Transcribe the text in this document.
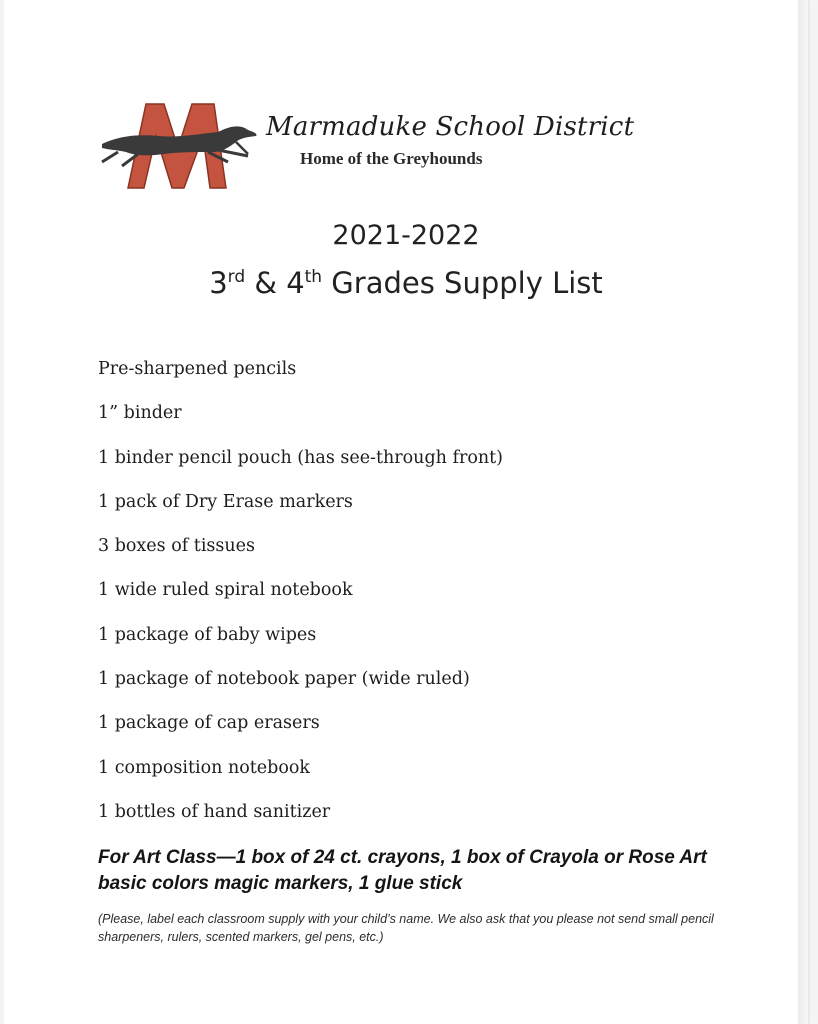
Marmaduke School District
Home of the Greyhounds
2021-2022
3rd & 4th Grades Supply List
Pre-sharpened pencils
1” binder
1 binder pencil pouch (has see-through front)
1 pack of Dry Erase markers
3 boxes of tissues
1 wide ruled spiral notebook
1 package of baby wipes
1 package of notebook paper (wide ruled)
1 package of cap erasers
1 composition notebook
1 bottles of hand sanitizer
For Art Class—1 box of 24 ct. crayons, 1 box of Crayola or Rose Art basic colors magic markers, 1 glue stick
(Please, label each classroom supply with your child’s name. We also ask that you please not send small pencil sharpeners, rulers, scented markers, gel pens, etc.)
